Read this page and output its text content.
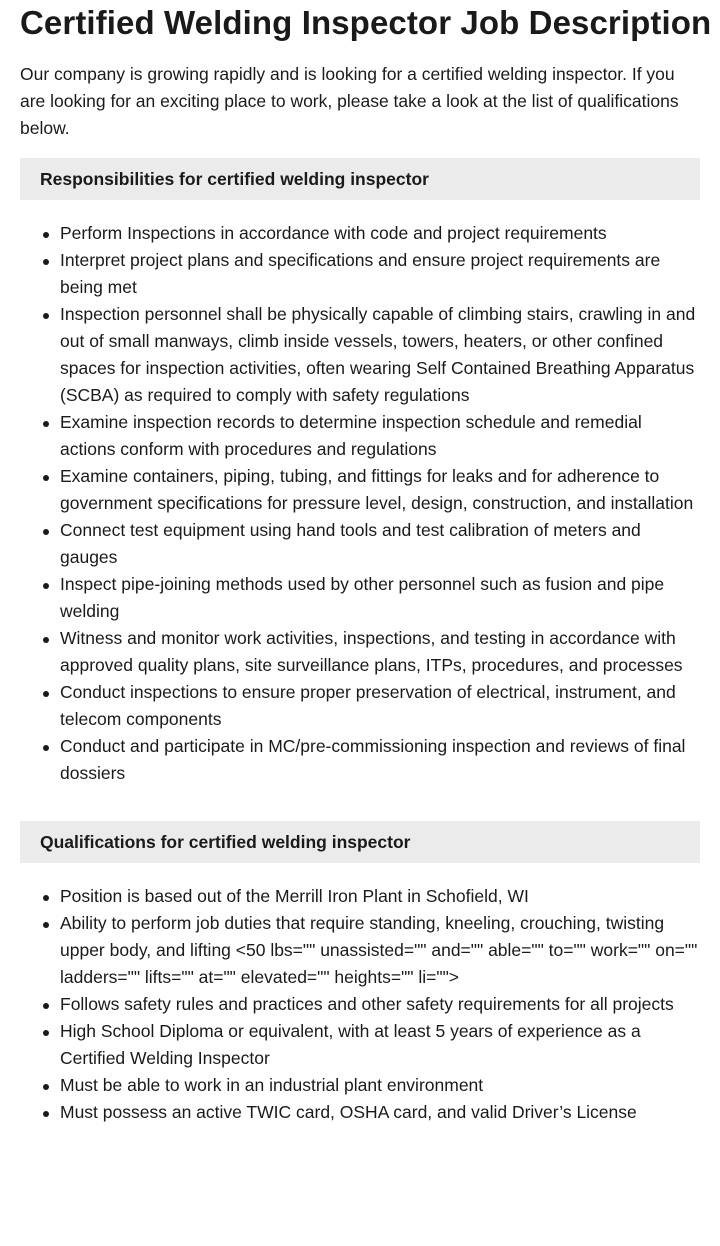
Certified Welding Inspector Job Description

Our company is growing rapidly and is looking for a certified welding inspector. If you are looking for an exciting place to work, please take a look at the list of qualifications below.

Responsibilities for certified welding inspector
Perform Inspections in accordance with code and project requirements
Interpret project plans and specifications and ensure project requirements are being met
Inspection personnel shall be physically capable of climbing stairs, crawling in and out of small manways, climb inside vessels, towers, heaters, or other confined spaces for inspection activities, often wearing Self Contained Breathing Apparatus (SCBA) as required to comply with safety regulations
Examine inspection records to determine inspection schedule and remedial actions conform with procedures and regulations
Examine containers, piping, tubing, and fittings for leaks and for adherence to government specifications for pressure level, design, construction, and installation
Connect test equipment using hand tools and test calibration of meters and gauges
Inspect pipe-joining methods used by other personnel such as fusion and pipe welding
Witness and monitor work activities, inspections, and testing in accordance with approved quality plans, site surveillance plans, ITPs, procedures, and processes
Conduct inspections to ensure proper preservation of electrical, instrument, and telecom components
Conduct and participate in MC/pre-commissioning inspection and reviews of final dossiers
Qualifications for certified welding inspector
Position is based out of the Merrill Iron Plant in Schofield, WI
Ability to perform job duties that require standing, kneeling, crouching, twisting upper body, and lifting <50 lbs="" unassisted="" and="" able="" to="" work="" on="" ladders="" lifts="" at="" elevated="" heights="" li="">
Follows safety rules and practices and other safety requirements for all projects
High School Diploma or equivalent, with at least 5 years of experience as a Certified Welding Inspector
Must be able to work in an industrial plant environment
Must possess an active TWIC card, OSHA card, and valid Driver’s License
